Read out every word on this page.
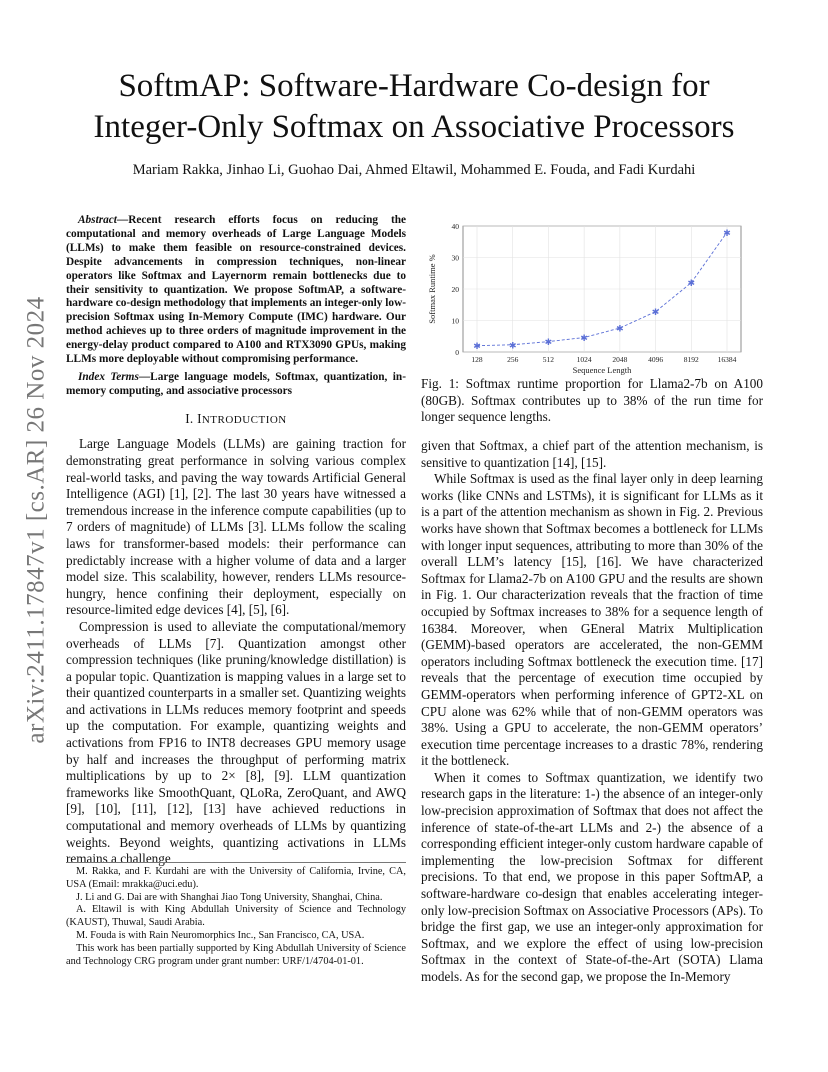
arXiv:2411.17847v1 [cs.AR] 26 Nov 2024
SoftmAP: Software-Hardware Co-design for
Integer-Only Softmax on Associative Processors
Mariam Rakka, Jinhao Li, Guohao Dai, Ahmed Eltawil, Mohammed E. Fouda, and Fadi Kurdahi

Abstract—Recent research efforts focus on reducing the computational and memory overheads of Large Language Models (LLMs) to make them feasible on resource-constrained devices. Despite advancements in compression techniques, non-linear operators like Softmax and Layernorm remain bottlenecks due to their sensitivity to quantization. We propose SoftmAP, a software-hardware co-design methodology that implements an integer-only low-precision Softmax using In-Memory Compute (IMC) hardware. Our method achieves up to three orders of magnitude improvement in the energy-delay product compared to A100 and RTX3090 GPUs, making LLMs more deployable without compromising performance.

Index Terms—Large language models, Softmax, quantization, in-memory computing, and associative processors

I. INTRODUCTION

Large Language Models (LLMs) are gaining traction for demonstrating great performance in solving various complex real-world tasks, and paving the way towards Artificial General Intelligence (AGI) [1], [2]. The last 30 years have witnessed a tremendous increase in the inference compute capabilities (up to 7 orders of magnitude) of LLMs [3]. LLMs follow the scaling laws for transformer-based models: their performance can predictably increase with a higher volume of data and a larger model size. This scalability, however, renders LLMs resource-hungry, hence confining their deployment, especially on resource-limited edge devices [4], [5], [6].

Compression is used to alleviate the computational/memory overheads of LLMs [7]. Quantization amongst other compression techniques (like pruning/knowledge distillation) is a popular topic. Quantization is mapping values in a large set to their quantized counterparts in a smaller set. Quantizing weights and activations in LLMs reduces memory footprint and speeds up the computation. For example, quantizing weights and activations from FP16 to INT8 decreases GPU memory usage by half and increases the throughput of performing matrix multiplications by up to 2× [8], [9]. LLM quantization frameworks like SmoothQuant, QLoRa, ZeroQuant, and AWQ [9], [10], [11], [12], [13] have achieved reductions in computational and memory overheads of LLMs by quantizing weights. Beyond weights, quantizing activations in LLMs remains a challenge

M. Rakka, and F. Kurdahi are with the University of California, Irvine, CA, USA (Email: mrakka@uci.edu).

J. Li and G. Dai are with Shanghai Jiao Tong University, Shanghai, China.

A. Eltawil is with King Abdullah University of Science and Technology (KAUST), Thuwal, Saudi Arabia.

M. Fouda is with Rain Neuromorphics Inc., San Francisco, CA, USA.

This work has been partially supported by King Abdullah University of Science and Technology CRG program under grant number: URF/1/4704-01-01.

0
10
20
30
40
128	256	512	1024	2048	4096	8192	16384
Sequence Length
Softmax Runtime %
✱	✱	✱	✱
✱
✱
✱
✱
Fig. 1: Softmax runtime proportion for Llama2-7b on A100 (80GB). Softmax contributes up to 38% of the run time for longer sequence lengths.

given that Softmax, a chief part of the attention mechanism, is sensitive to quantization [14], [15].

While Softmax is used as the final layer only in deep learning works (like CNNs and LSTMs), it is significant for LLMs as it is a part of the attention mechanism as shown in Fig. 2. Previous works have shown that Softmax becomes a bottleneck for LLMs with longer input sequences, attributing to more than 30% of the overall LLM’s latency [15], [16]. We have characterized Softmax for Llama2-7b on A100 GPU and the results are shown in Fig. 1. Our characterization reveals that the fraction of time occupied by Softmax increases to 38% for a sequence length of 16384. Moreover, when GEneral Matrix Multiplication (GEMM)-based operators are accelerated, the non-GEMM operators including Softmax bottleneck the execution time. [17] reveals that the percentage of execution time occupied by GEMM-operators when performing inference of GPT2-XL on CPU alone was 62% while that of non-GEMM operators was 38%. Using a GPU to accelerate, the non-GEMM operators’ execution time percentage increases to a drastic 78%, rendering it the bottleneck.

When it comes to Softmax quantization, we identify two research gaps in the literature: 1-) the absence of an integer-only low-precision approximation of Softmax that does not affect the inference of state-of-the-art LLMs and 2-) the absence of a corresponding efficient integer-only custom hardware capable of implementing the low-precision Softmax for different precisions. To that end, we propose in this paper SoftmAP, a software-hardware co-design that enables accelerating integer-only low-precision Softmax on Associative Processors (APs). To bridge the first gap, we use an integer-only approximation for Softmax, and we explore the effect of using low-precision Softmax in the context of State-of-the-Art (SOTA) Llama models. As for the second gap, we propose the In-Memory
